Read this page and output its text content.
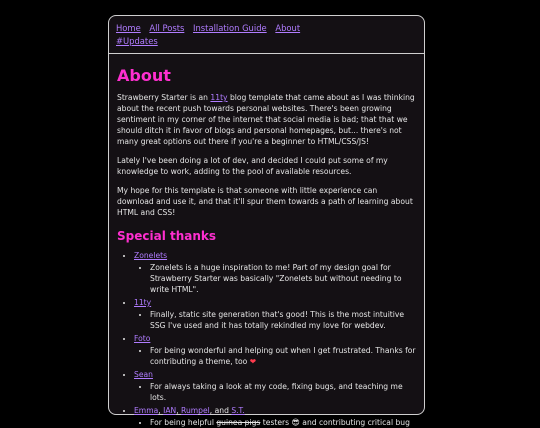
Home All Posts Installation Guide About
#Updates
About

Strawberry Starter is an 11ty blog template that came about as I was thinking about the recent push towards personal websites. There's been growing sentiment in my corner of the internet that social media is bad; that that we should ditch it in favor of blogs and personal homepages, but... there's not many great options out there if you're a beginner to HTML/CSS/JS!

Lately I've been doing a lot of dev, and decided I could put some of my knowledge to work, adding to the pool of available resources.

My hope for this template is that someone with little experience can download and use it, and that it'll spur them towards a path of learning about HTML and CSS!

Special thanks
• Zonelets
• Zonelets is a huge inspiration to me! Part of my design goal for Strawberry Starter was basically "Zonelets but without needing to write HTML".
• 11ty
• Finally, static site generation that's good! This is the most intuitive SSG I've used and it has totally rekindled my love for webdev.
• Foto
• For being wonderful and helping out when I get frustrated. Thanks for contributing a theme, too ❤
• Sean
• For always taking a look at my code, fixing bugs, and teaching me lots.
• Emma, IAN, Rumpel, and S.T.
• For being helpful guinea pigs testers 😎 and contributing critical bug
